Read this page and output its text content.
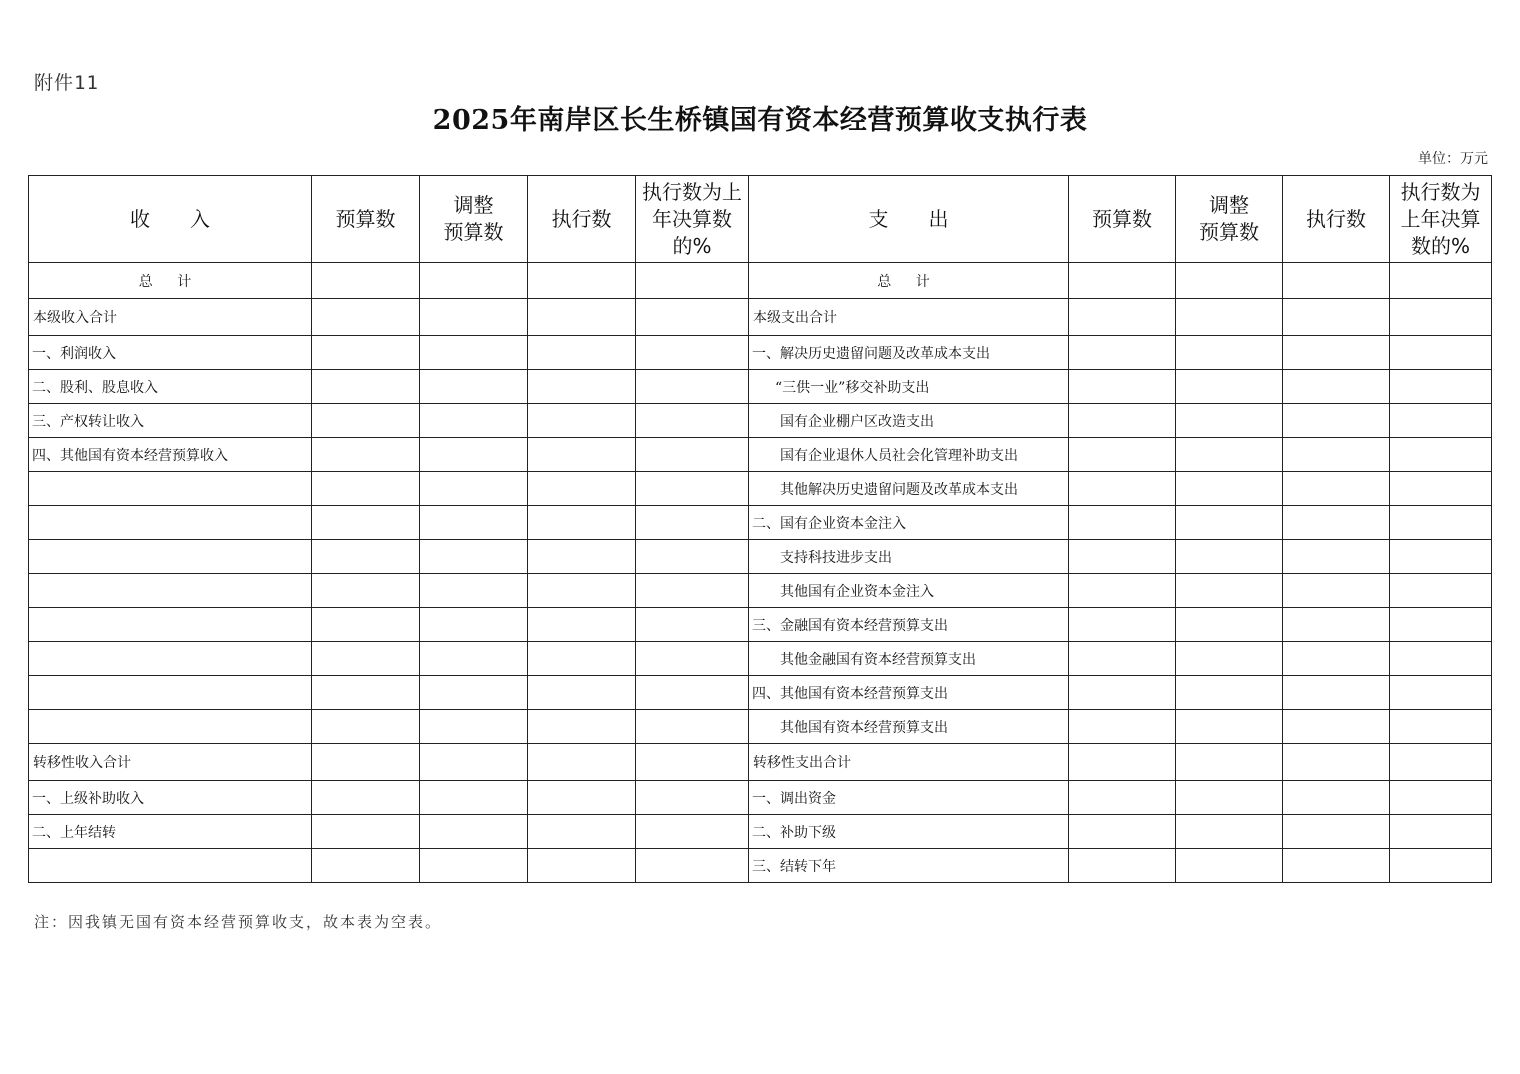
附件11
2025年南岸区长生桥镇国有资本经营预算收支执行表
单位：万元
收　　入	预算数	调整 预算数	执行数	执行数为上年决算数的%	支　　出	预算数	调整 预算数	执行数	执行数为上年决算数的%
总 计					总 计				
本级收入合计					本级支出合计				
一、利润收入					一、解决历史遗留问题及改革成本支出				
二、股利、股息收入					“三供一业”移交补助支出				
三、产权转让收入					国有企业棚户区改造支出				
四、其他国有资本经营预算收入					国有企业退休人员社会化管理补助支出				
					其他解决历史遗留问题及改革成本支出				
					二、国有企业资本金注入				
					支持科技进步支出				
					其他国有企业资本金注入				
					三、金融国有资本经营预算支出				
					其他金融国有资本经营预算支出				
					四、其他国有资本经营预算支出				
					其他国有资本经营预算支出				
转移性收入合计					转移性支出合计				
一、上级补助收入					一、调出资金				
二、上年结转					二、补助下级				
					三、结转下年				
注：因我镇无国有资本经营预算收支，故本表为空表。
